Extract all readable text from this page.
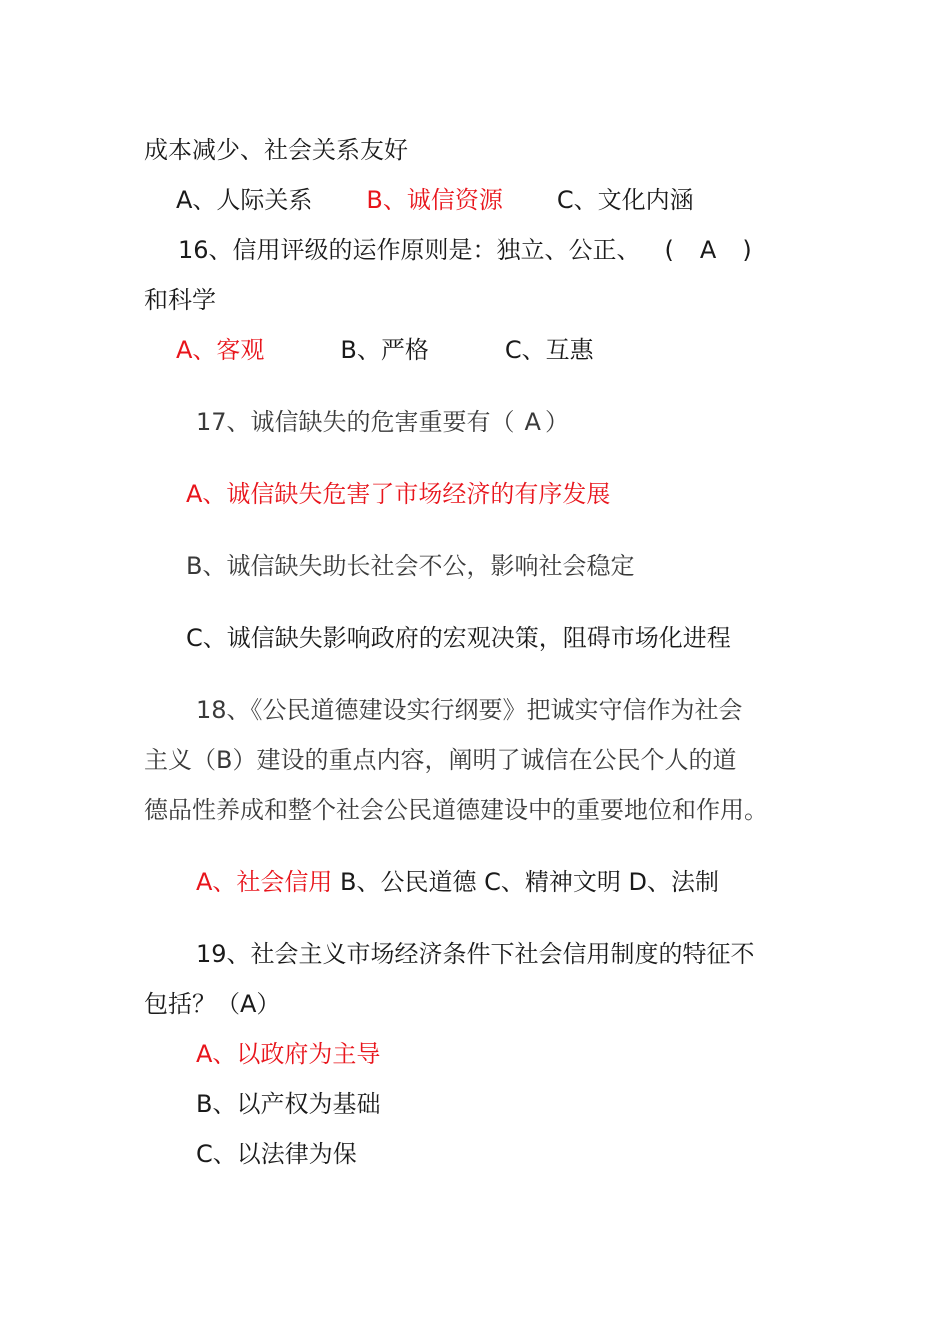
成本减少、社会关系友好
A、人际关系 B、诚信资源 C、文化内涵
16、信用评级的运作原则是：独立、公正、 ( A )
和科学
A、客观	B、严格	C、互惠
17、诚信缺失的危害重要有（ A ）
A、诚信缺失危害了市场经济的有序发展
B、诚信缺失助长社会不公，影响社会稳定
C、诚信缺失影响政府的宏观决策，阻碍市场化进程
18、《公民道德建设实行纲要》把诚实守信作为社会
主义（B）建设的重点内容，阐明了诚信在公民个人的道
德品性养成和整个社会公民道德建设中的重要地位和作用。
A、社会信用 B、公民道德 C、精神文明 D、法制
19、社会主义市场经济条件下社会信用制度的特征不
包括？（A）
A、以政府为主导
B、以产权为基础
C、以法律为保
